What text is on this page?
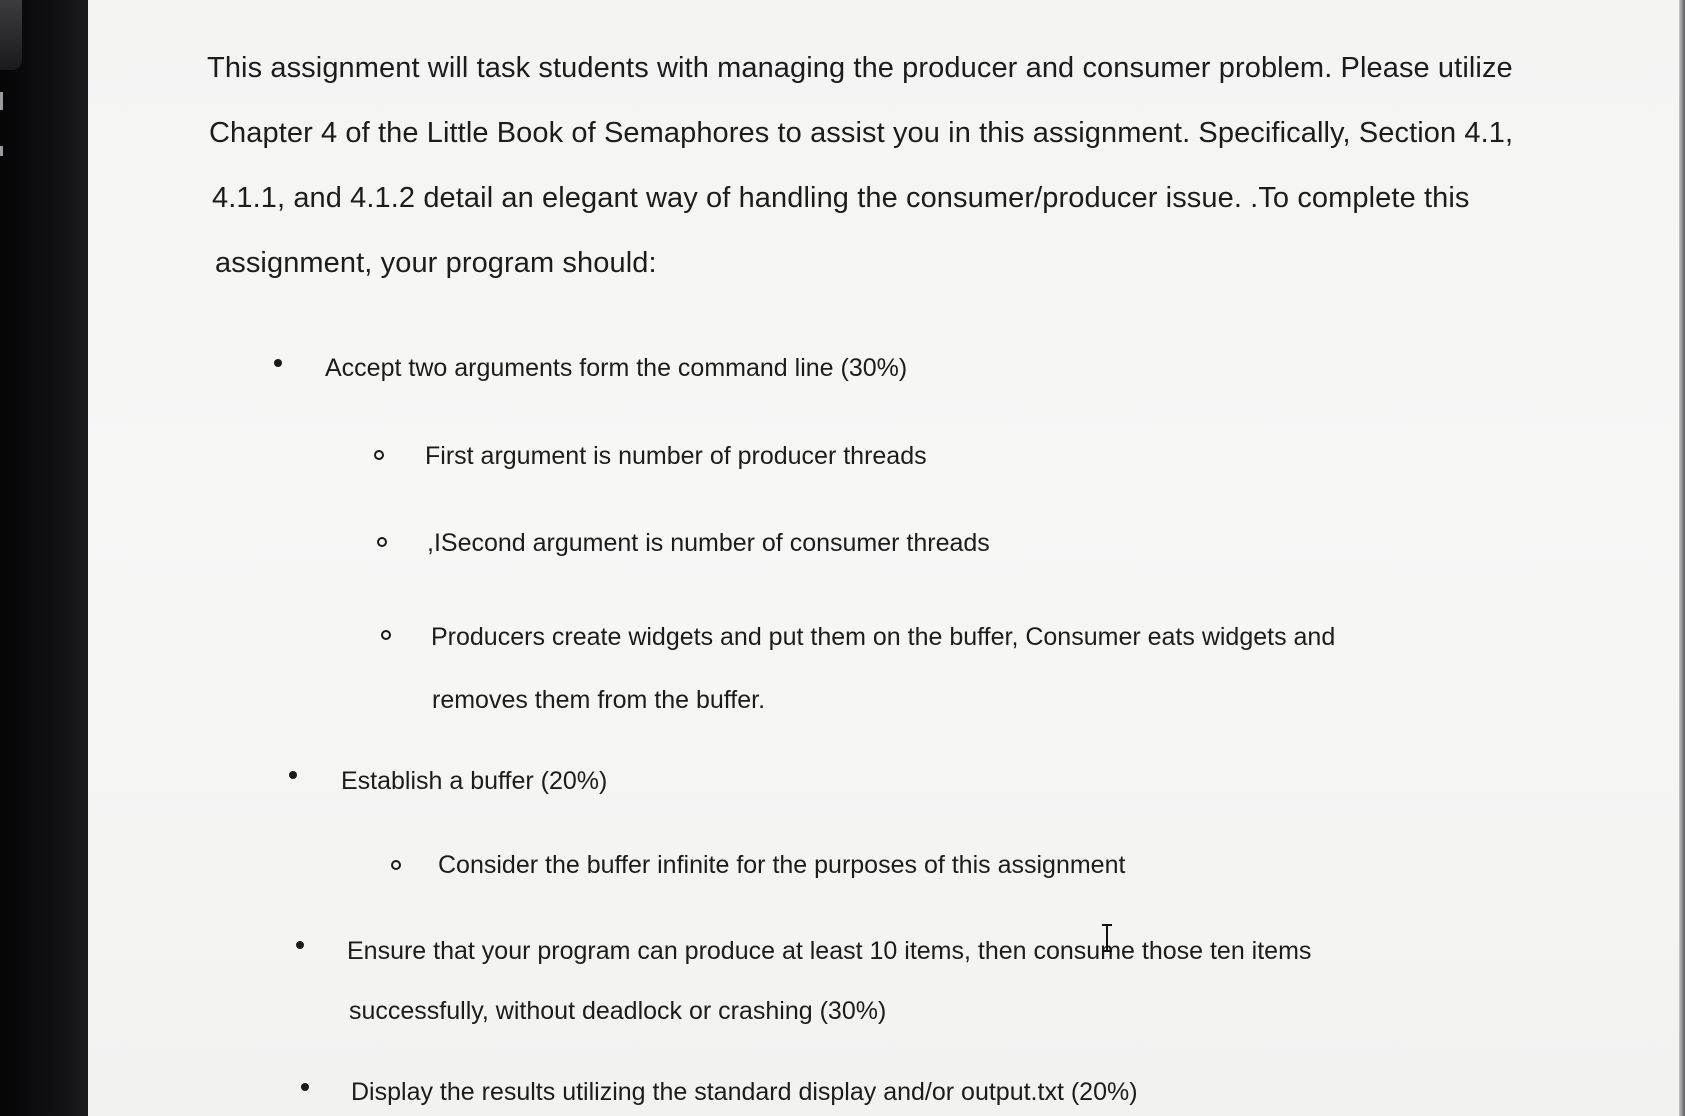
This assignment will task students with managing the producer and consumer problem. Please utilize
Chapter 4 of the Little Book of Semaphores to assist you in this assignment. Specifically, Section 4.1,
4.1.1, and 4.1.2 detail an elegant way of handling the consumer/producer issue. .To complete this
assignment, your program should:
Accept two arguments form the command line (30%)
First argument is number of producer threads
,ISecond argument is number of consumer threads
Producers create widgets and put them on the buffer, Consumer eats widgets and
removes them from the buffer.
Establish a buffer (20%)
Consider the buffer infinite for the purposes of this assignment
Ensure that your program can produce at least 10 items, then consume those ten items
successfully, without deadlock or crashing (30%)
Display the results utilizing the standard display and/or output.txt (20%)
